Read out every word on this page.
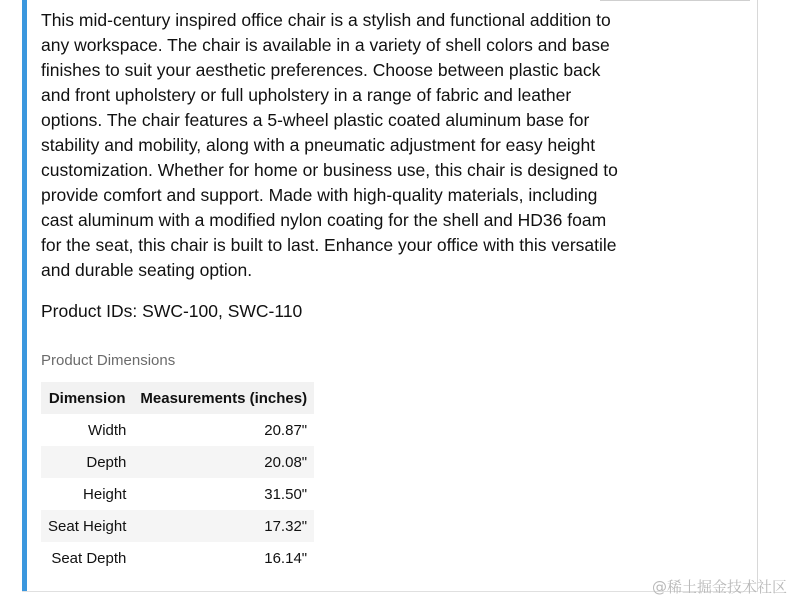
This mid-century inspired office chair is a stylish and functional addition to any workspace. The chair is available in a variety of shell colors and base finishes to suit your aesthetic preferences. Choose between plastic back and front upholstery or full upholstery in a range of fabric and leather options. The chair features a 5-wheel plastic coated aluminum base for stability and mobility, along with a pneumatic adjustment for easy height customization. Whether for home or business use, this chair is designed to provide comfort and support. Made with high-quality materials, including cast aluminum with a modified nylon coating for the shell and HD36 foam for the seat, this chair is built to last. Enhance your office with this versatile and durable seating option.

Product IDs: SWC-100, SWC-110

Product Dimensions
Dimension	Measurements (inches)
Width	20.87"
Depth	20.08"
Height	31.50"
Seat Height	17.32"
Seat Depth	16.14"
@稀土掘金技术社区
